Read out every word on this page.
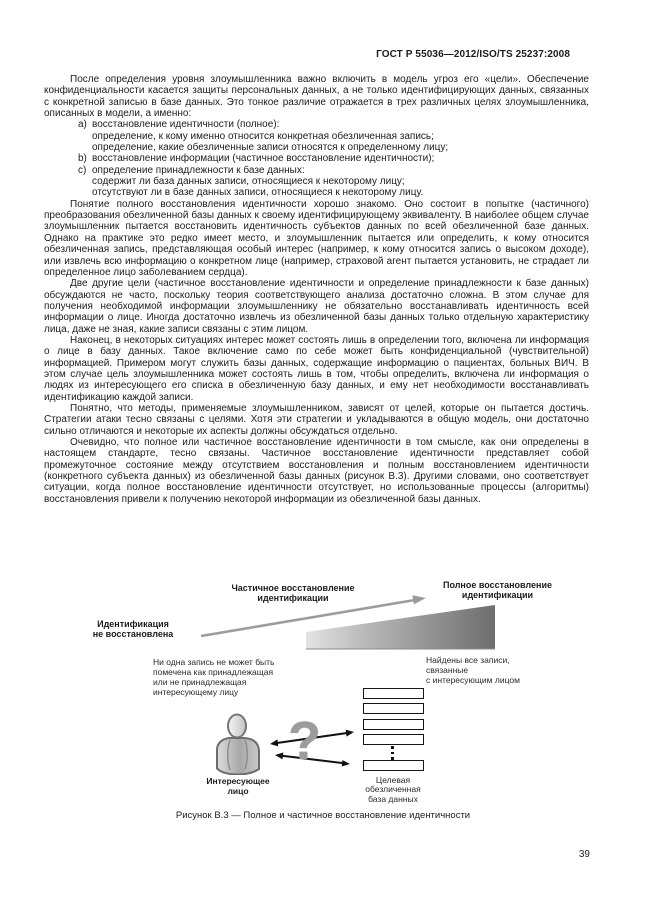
ГОСТ Р 55036—2012/ISO/TS 25237:2008

После определения уровня злоумышленника важно включить в модель угроз его «цели». Обеспечение конфиденциальности касается защиты персональных данных, а не только идентифицирующих данных, связанных с конкретной записью в базе данных. Это тонкое различие отражается в трех различных целях злоумышленника, описанных в модели, а именно:

a) восстановление идентичности (полное):
определение, к кому именно относится конкретная обезличенная запись;
определение, какие обезличенные записи относятся к определенному лицу;
b) восстановление информации (частичное восстановление идентичности);
c) определение принадлежности к базе данных:
содержит ли база данных записи, относящиеся к некоторому лицу;
отсутствуют ли в базе данных записи, относящиеся к некоторому лицу.

Понятие полного восстановления идентичности хорошо знакомо. Оно состоит в попытке (частичного) преобразования обезличенной базы данных к своему идентифицирующему эквиваленту. В наиболее общем случае злоумышленник пытается восстановить идентичность субъектов данных по всей обезличенной базе данных. Однако на практике это редко имеет место, и злоумышленник пытается или определить, к кому относится обезличенная запись, представляющая особый интерес (например, к кому относится запись о высоком доходе), или извлечь всю информацию о конкретном лице (например, страховой агент пытается установить, не страдает ли определенное лицо заболеванием сердца).

Две другие цели (частичное восстановление идентичности и определение принадлежности к базе данных) обсуждаются не часто, поскольку теория соответствующего анализа достаточно сложна. В этом случае для получения необходимой информации злоумышленнику не обязательно восстанавливать идентичность всей информации о лице. Иногда достаточно извлечь из обезличенной базы данных только отдельную характеристику лица, даже не зная, какие записи связаны с этим лицом.

Наконец, в некоторых ситуациях интерес может состоять лишь в определении того, включена ли информация о лице в базу данных. Такое включение само по себе может быть конфиденциальной (чувствительной) информацией. Примером могут служить базы данных, содержащие информацию о пациентах, больных ВИЧ. В этом случае цель злоумышленника может состоять лишь в том, чтобы определить, включена ли информация о людях из интересующего его списка в обезличенную базу данных, и ему нет необходимости восстанавливать идентификацию каждой записи.

Понятно, что методы, применяемые злоумышленником, зависят от целей, которые он пытается достичь. Стратегии атаки тесно связаны с целями. Хотя эти стратегии и укладываются в общую модель, они достаточно сильно отличаются и некоторые их аспекты должны обсуждаться отдельно.

Очевидно, что полное или частичное восстановление идентичности в том смысле, как они определены в настоящем стандарте, тесно связаны. Частичное восстановление идентичности представляет собой промежуточное состояние между отсутствием восстановления и полным восстановлением идентичности (конкретного субъекта данных) из обезличенной базы данных (рисунок В.3). Другими словами, оно соответствует ситуации, когда полное восстановление идентичности отсутствует, но использованные процессы (алгоритмы) восстановления привели к получению некоторой информации из обезличенной базы данных.

Идентификация
не восстановлена
Частичное восстановление
идентификации
Полное восстановление
идентификации
Ни одна запись не может быть
помечена как принадлежащая
или не принадлежащая
интересующему лицу
Найдены все записи,
связанные
с интересующим лицом
?
Интересующее
лицо
Целевая
обезличенная
база данных
Рисунок В.3 — Полное и частичное восстановление идентичности
39
